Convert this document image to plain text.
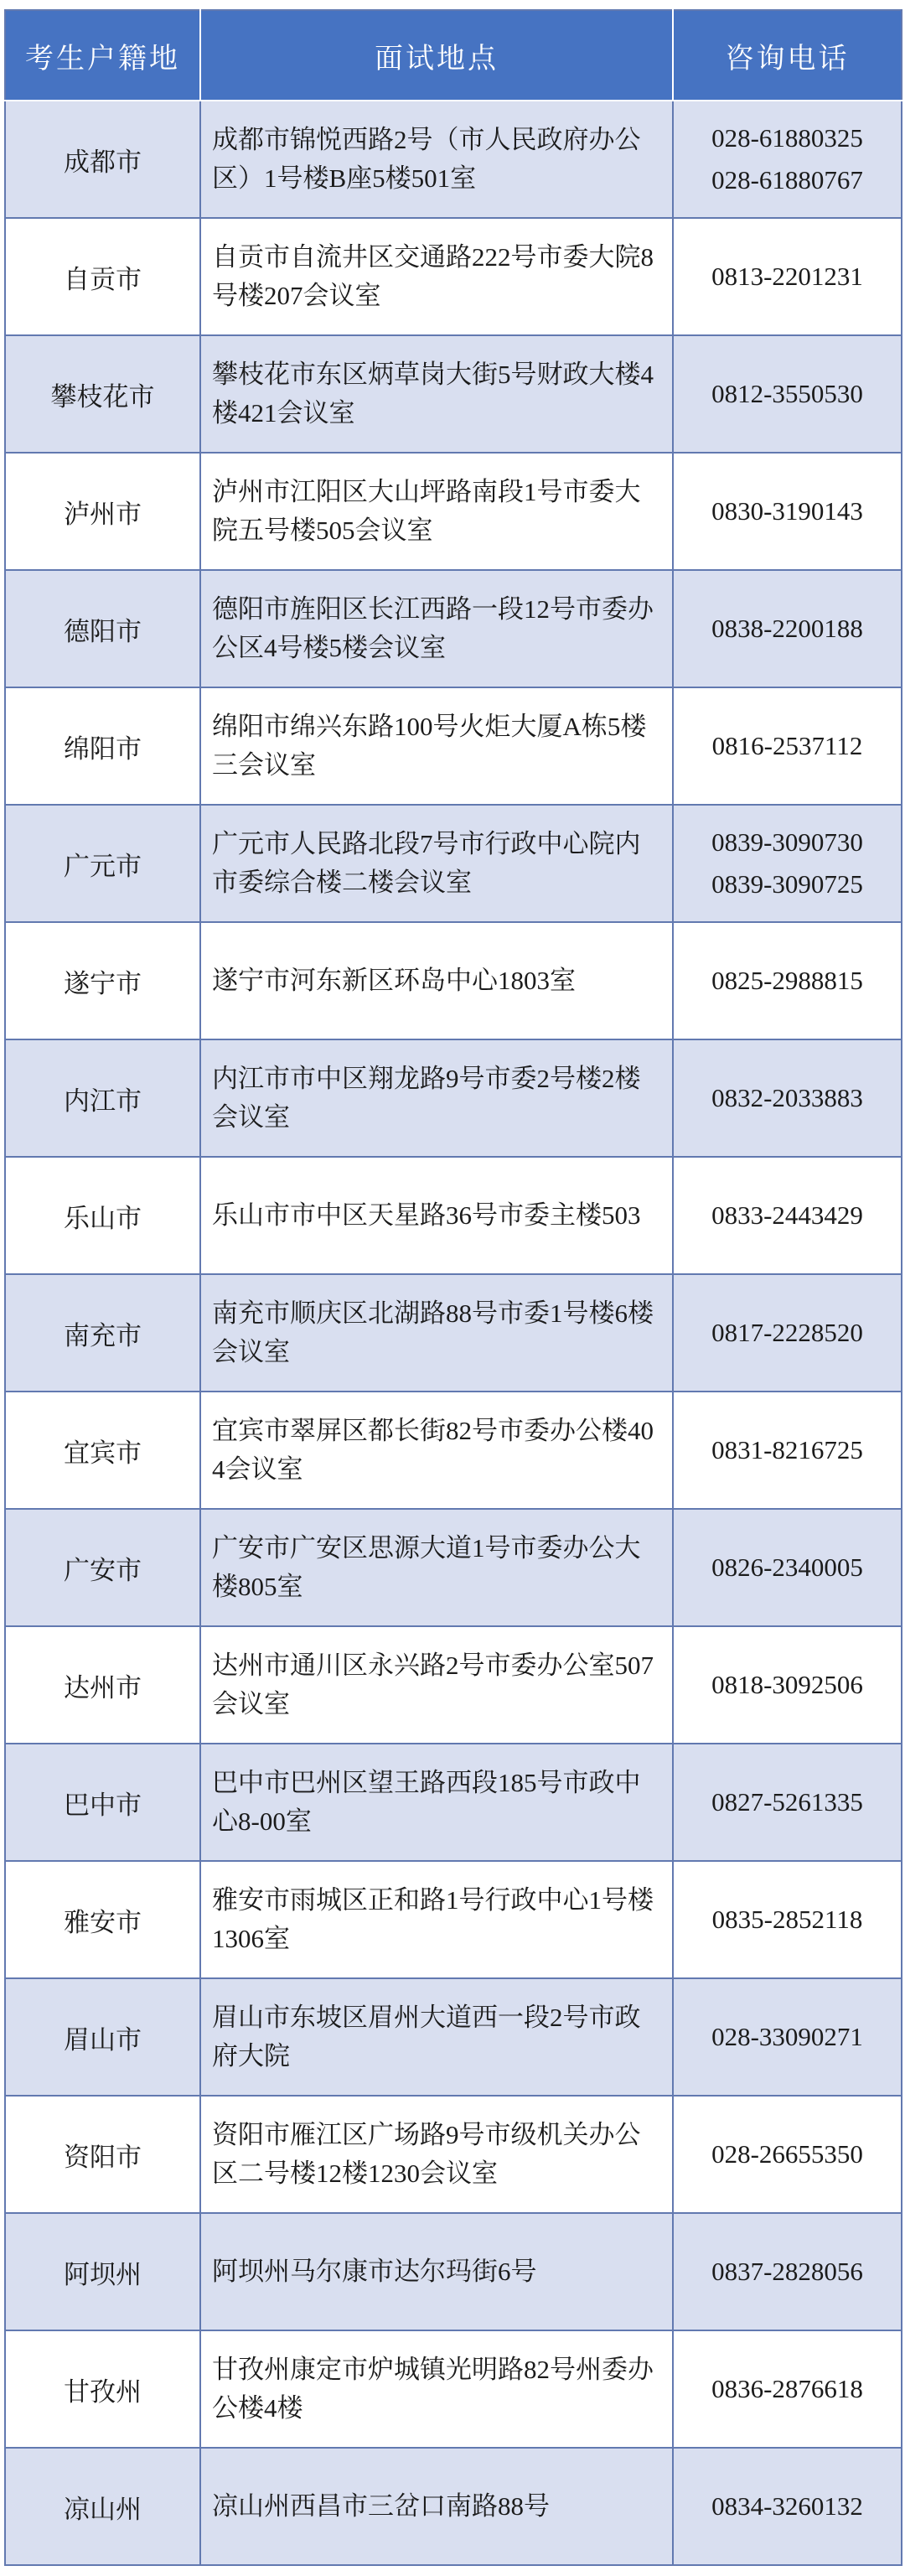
考生户籍地	面试地点	咨询电话
成都市	成都市锦悦西路2号（市人民政府办公区）1号楼B座5楼501室	028-61880325
028-61880767

自贡市	自贡市自流井区交通路222号市委大院8号楼207会议室	0813-2201231

攀枝花市	攀枝花市东区炳草岗大街5号财政大楼4楼421会议室	0812-3550530

泸州市	泸州市江阳区大山坪路南段1号市委大院五号楼505会议室	0830-3190143

德阳市	德阳市旌阳区长江西路一段12号市委办公区4号楼5楼会议室	0838-2200188

绵阳市	绵阳市绵兴东路100号火炬大厦A栋5楼三会议室	0816-2537112

广元市	广元市人民路北段7号市行政中心院内市委综合楼二楼会议室	0839-3090730
0839-3090725

遂宁市	遂宁市河东新区环岛中心1803室	0825-2988815

内江市	内江市市中区翔龙路9号市委2号楼2楼会议室	0832-2033883

乐山市	乐山市市中区天星路36号市委主楼503	0833-2443429

南充市	南充市顺庆区北湖路88号市委1号楼6楼会议室	0817-2228520

宜宾市	宜宾市翠屏区都长街82号市委办公楼404会议室	0831-8216725

广安市	广安市广安区思源大道1号市委办公大楼805室	0826-2340005

达州市	达州市通川区永兴路2号市委办公室507会议室	0818-3092506

巴中市	巴中市巴州区望王路西段185号市政中心8-00室	0827-5261335

雅安市	雅安市雨城区正和路1号行政中心1号楼1306室	0835-2852118

眉山市	眉山市东坡区眉州大道西一段2号市政府大院	028-33090271

资阳市	资阳市雁江区广场路9号市级机关办公区二号楼12楼1230会议室	028-26655350

阿坝州	阿坝州马尔康市达尔玛街6号	0837-2828056

甘孜州	甘孜州康定市炉城镇光明路82号州委办公楼4楼	0836-2876618

凉山州	凉山州西昌市三岔口南路88号	0834-3260132
